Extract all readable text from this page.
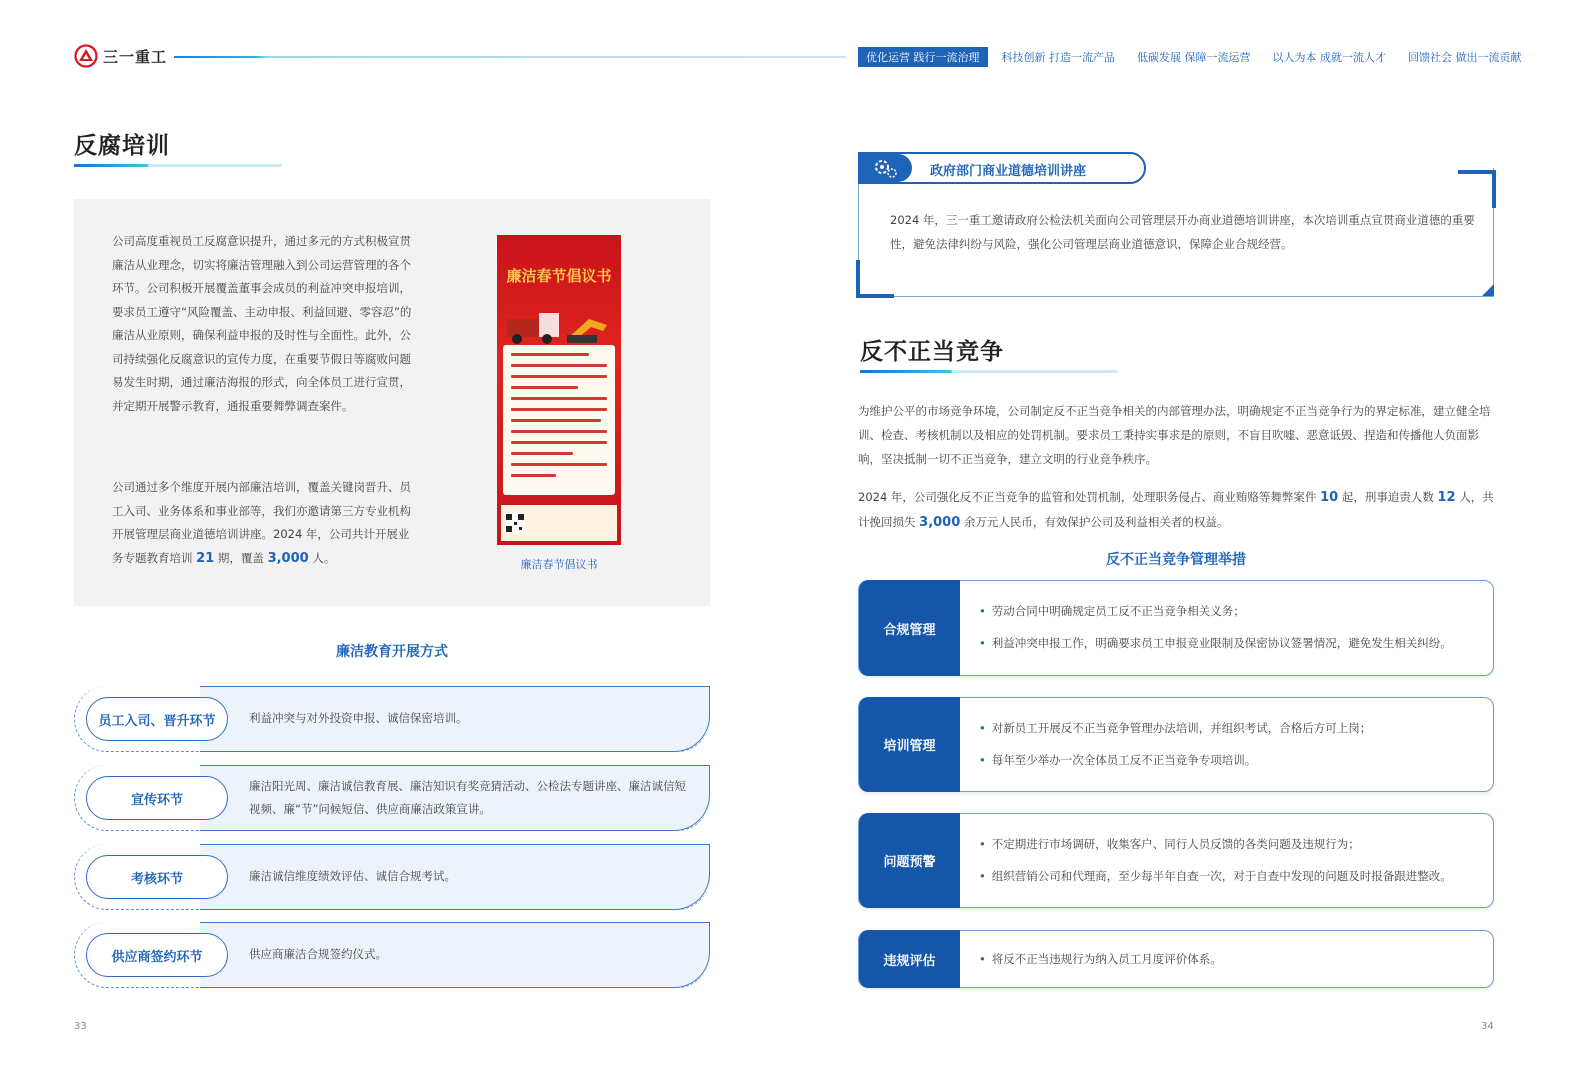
三一重工	优化运营 践行一流治理	科技创新 打造一流产品	低碳发展 保障一流运营	以人为本 成就一流人才	回馈社会 做出一流贡献
反腐培训
公司高度重视员工反腐意识提升，通过多元的方式积极宣贯廉洁从业理念，切实将廉洁管理融入到公司运营管理的各个环节。公司积极开展覆盖董事会成员的利益冲突申报培训，要求员工遵守“风险覆盖、主动申报、利益回避、零容忍”的廉洁从业原则，确保利益申报的及时性与全面性。此外，公司持续强化反腐意识的宣传力度，在重要节假日等腐败问题易发生时期，通过廉洁海报的形式，向全体员工进行宣贯，并定期开展警示教育，通报重要舞弊调查案件。
公司通过多个维度开展内部廉洁培训，覆盖关键岗晋升、员工入司、业务体系和事业部等，我们亦邀请第三方专业机构开展管理层商业道德培训讲座。2024 年，公司共计开展业务专题教育培训 21 期，覆盖 3,000 人。
廉洁春节倡议书
廉洁春节倡议书
廉洁教育开展方式
员工入司、晋升环节	利益冲突与对外投资申报、诚信保密培训。
宣传环节
廉洁阳光周、廉洁诚信教育展、廉洁知识有奖竞猜活动、公检法专题讲座、廉洁诚信短视频、廉“节”问候短信、供应商廉洁政策宣讲。
考核环节	廉洁诚信维度绩效评估、诚信合规考试。
供应商签约环节	供应商廉洁合规签约仪式。
33
政府部门商业道德培训讲座
2024 年，三一重工邀请政府公检法机关面向公司管理层开办商业道德培训讲座，本次培训重点宣贯商业道德的重要性，避免法律纠纷与风险，强化公司管理层商业道德意识，保障企业合规经营。
反不正当竞争
为维护公平的市场竞争环境，公司制定反不正当竞争相关的内部管理办法，明确规定不正当竞争行为的界定标准，建立健全培训、检查、考核机制以及相应的处罚机制。要求员工秉持实事求是的原则，不盲目吹嘘、恶意诋毁、捏造和传播他人负面影响，坚决抵制一切不正当竞争，建立文明的行业竞争秩序。
2024 年，公司强化反不正当竞争的监管和处罚机制，处理职务侵占、商业贿赂等舞弊案件 10 起，刑事追责人数 12 人，共计挽回损失 3,000 余万元人民币，有效保护公司及利益相关者的权益。
反不正当竞争管理举措
合规管理
• 劳动合同中明确规定员工反不正当竞争相关义务；
• 利益冲突申报工作，明确要求员工申报竞业限制及保密协议签署情况，避免发生相关纠纷。
培训管理
• 对新员工开展反不正当竞争管理办法培训，并组织考试，合格后方可上岗；
• 每年至少举办一次全体员工反不正当竞争专项培训。
问题预警
• 不定期进行市场调研，收集客户、同行人员反馈的各类问题及违规行为；
• 组织营销公司和代理商，至少每半年自查一次，对于自查中发现的问题及时报备跟进整改。
违规评估
•	将反不正当违规行为纳入员工月度评价体系。
34
